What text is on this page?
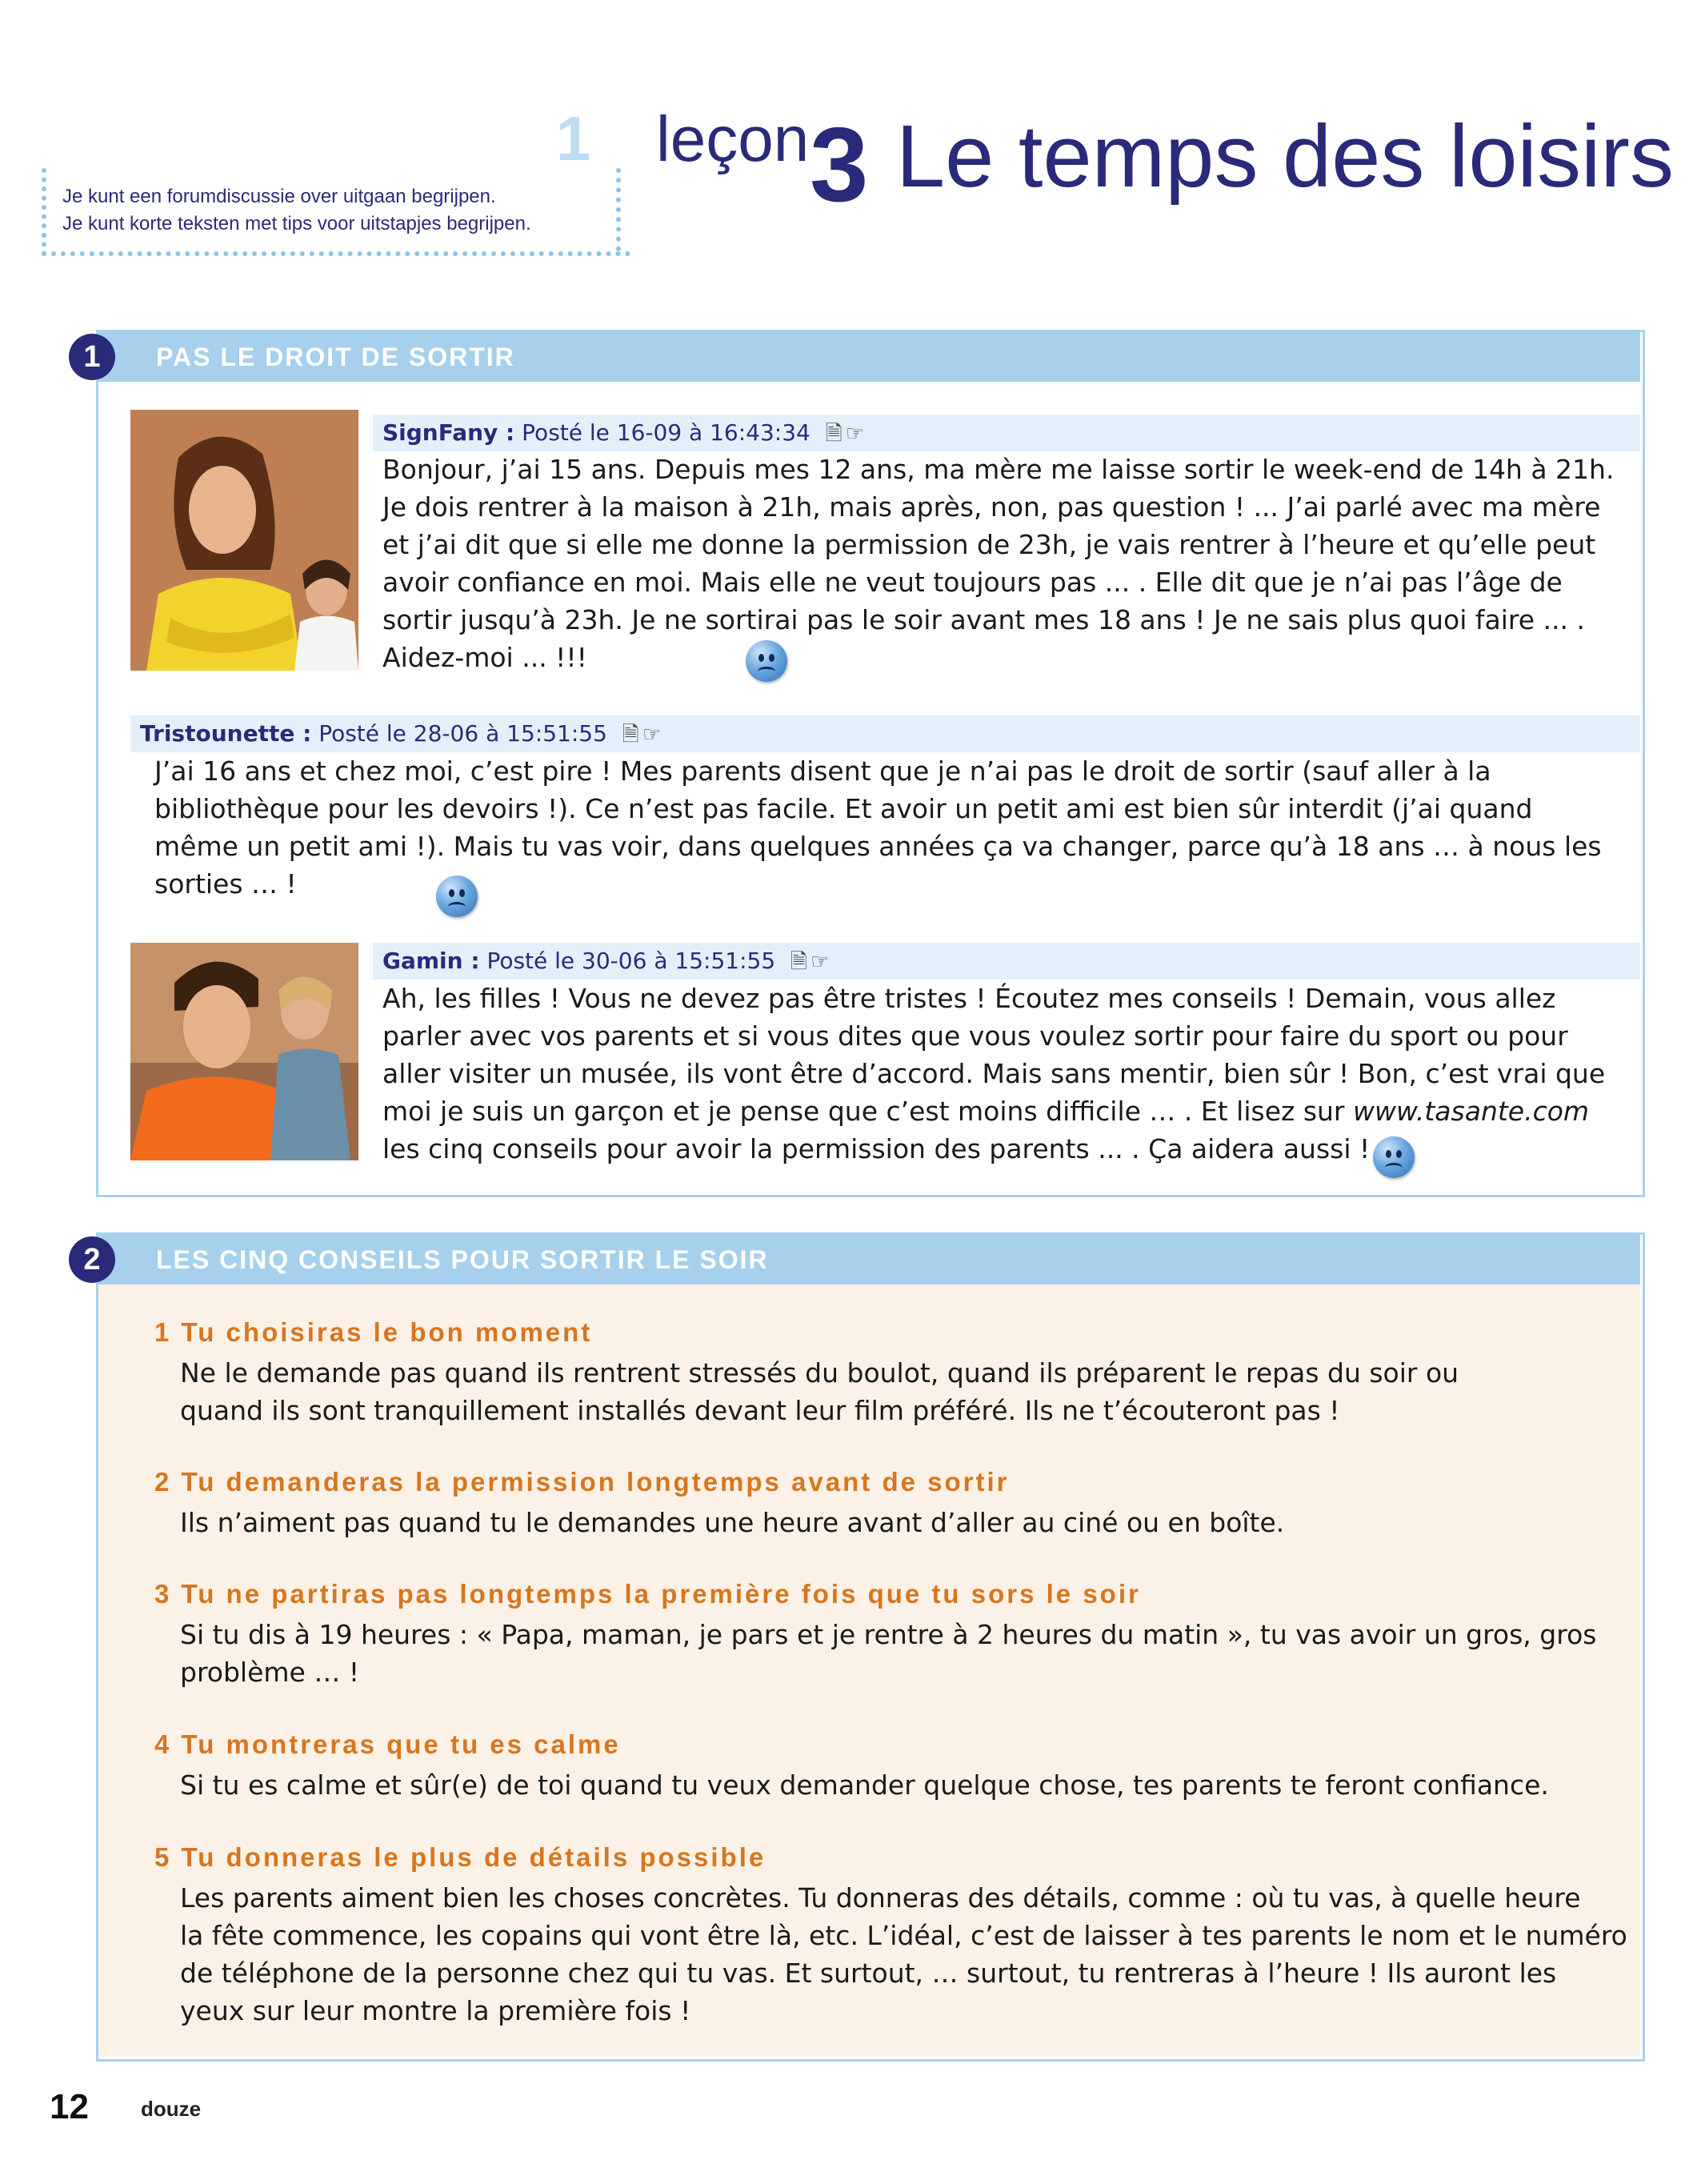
Je kunt een forumdiscussie over uitgaan begrijpen.
Je kunt korte teksten met tips voor uitstapjes begrijpen.
1 leçon 3 Le temps des loisirs
PAS LE DROIT DE SORTIR
1
SignFany : Posté le 16-09 à 16:43:34 🗎☞
Bonjour, j’ai 15 ans. Depuis mes 12 ans, ma mère me laisse sortir le week-end de 14h à 21h.
Je dois rentrer à la maison à 21h, mais après, non, pas question ! ... J’ai parlé avec ma mère
et j’ai dit que si elle me donne la permission de 23h, je vais rentrer à l’heure et qu’elle peut
avoir confiance en moi. Mais elle ne veut toujours pas ... . Elle dit que je n’ai pas l’âge de
sortir jusqu’à 23h. Je ne sortirai pas le soir avant mes 18 ans ! Je ne sais plus quoi faire ... .
Aidez-moi ... !!!
Tristounette : Posté le 28-06 à 15:51:55 🗎☞
J’ai 16 ans et chez moi, c’est pire ! Mes parents disent que je n’ai pas le droit de sortir (sauf aller à la
bibliothèque pour les devoirs !). Ce n’est pas facile. Et avoir un petit ami est bien sûr interdit (j’ai quand
même un petit ami !). Mais tu vas voir, dans quelques années ça va changer, parce qu’à 18 ans … à nous les
sorties … !
Gamin : Posté le 30-06 à 15:51:55 🗎☞
Ah, les filles ! Vous ne devez pas être tristes ! Écoutez mes conseils ! Demain, vous allez
parler avec vos parents et si vous dites que vous voulez sortir pour faire du sport ou pour
aller visiter un musée, ils vont être d’accord. Mais sans mentir, bien sûr ! Bon, c’est vrai que
moi je suis un garçon et je pense que c’est moins difficile … . Et lisez sur www.tasante.com
les cinq conseils pour avoir la permission des parents ... . Ça aidera aussi !
LES CINQ CONSEILS POUR SORTIR LE SOIR
2
1 Tu choisiras le bon moment
Ne le demande pas quand ils rentrent stressés du boulot, quand ils préparent le repas du soir ou
quand ils sont tranquillement installés devant leur film préféré. Ils ne t’écouteront pas !
2 Tu demanderas la permission longtemps avant de sortir
Ils n’aiment pas quand tu le demandes une heure avant d’aller au ciné ou en boîte.
3 Tu ne partiras pas longtemps la première fois que tu sors le soir
Si tu dis à 19 heures : « Papa, maman, je pars et je rentre à 2 heures du matin », tu vas avoir un gros, gros
problème … !
4 Tu montreras que tu es calme
Si tu es calme et sûr(e) de toi quand tu veux demander quelque chose, tes parents te feront confiance.
5 Tu donneras le plus de détails possible
Les parents aiment bien les choses concrètes. Tu donneras des détails, comme : où tu vas, à quelle heure
la fête commence, les copains qui vont être là, etc. L’idéal, c’est de laisser à tes parents le nom et le numéro
de téléphone de la personne chez qui tu vas. Et surtout, … surtout, tu rentreras à l’heure ! Ils auront les
yeux sur leur montre la première fois !
12	douze
